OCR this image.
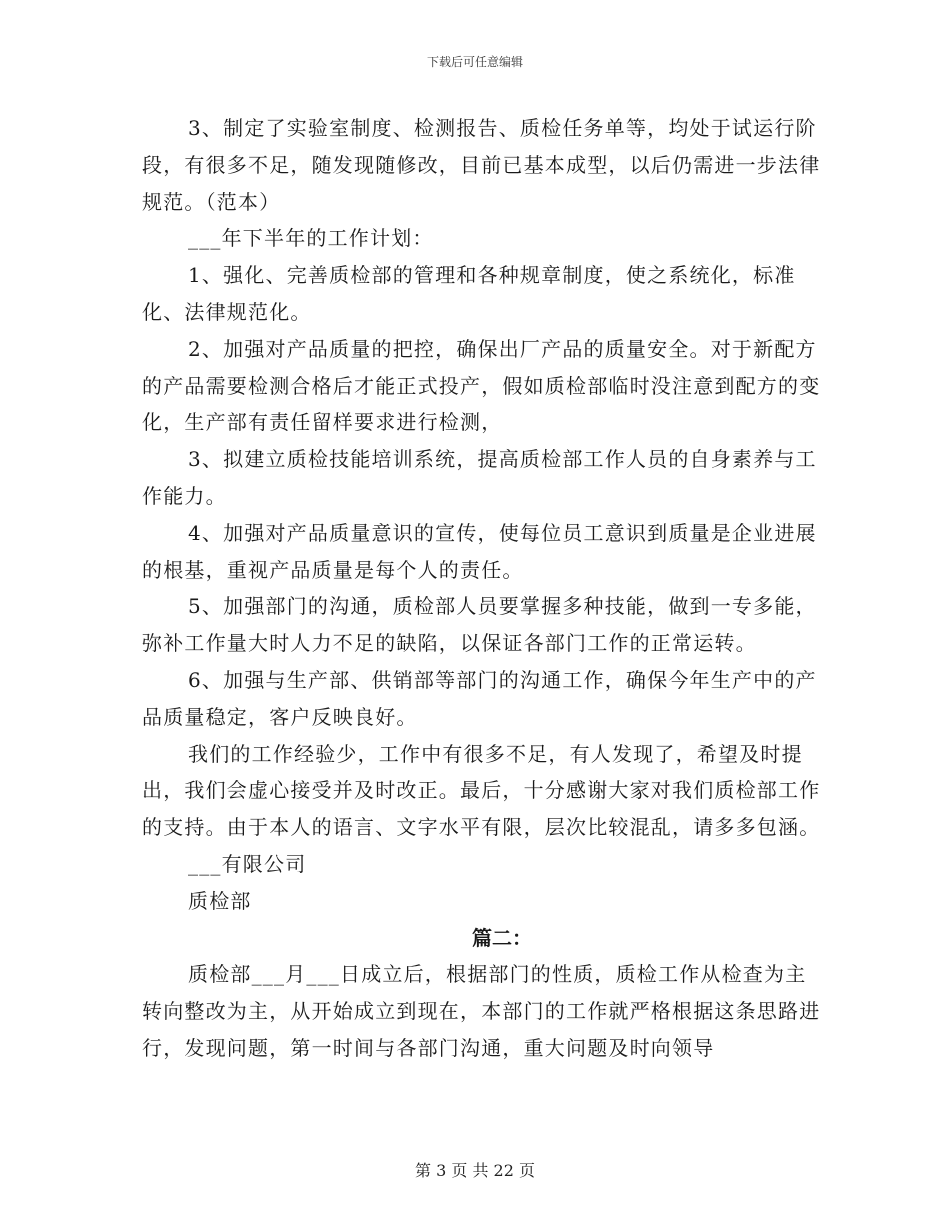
下载后可任意编辑

3、制定了实验室制度、检测报告、质检任务单等，均处于试运行阶段，有很多不足，随发现随修改，目前已基本成型，以后仍需进一步法律规范。（范本）

___年下半年的工作计划：

1、强化、完善质检部的管理和各种规章制度，使之系统化，标准化、法律规范化。

2、加强对产品质量的把控，确保出厂产品的质量安全。对于新配方的产品需要检测合格后才能正式投产，假如质检部临时没注意到配方的变化，生产部有责任留样要求进行检测，

3、拟建立质检技能培训系统，提高质检部工作人员的自身素养与工作能力。

4、加强对产品质量意识的宣传，使每位员工意识到质量是企业进展的根基，重视产品质量是每个人的责任。

5、加强部门的沟通，质检部人员要掌握多种技能，做到一专多能，弥补工作量大时人力不足的缺陷，以保证各部门工作的正常运转。

6、加强与生产部、供销部等部门的沟通工作，确保今年生产中的产品质量稳定，客户反映良好。

我们的工作经验少，工作中有很多不足，有人发现了，希望及时提出，我们会虚心接受并及时改正。最后，十分感谢大家对我们质检部工作的支持。由于本人的语言、文字水平有限，层次比较混乱，请多多包涵。

___有限公司

质检部

篇二：

质检部___月___日成立后，根据部门的性质，质检工作从检查为主转向整改为主，从开始成立到现在，本部门的工作就严格根据这条思路进行，发现问题，第一时间与各部门沟通，重大问题及时向领导

第 3 页 共 22 页
